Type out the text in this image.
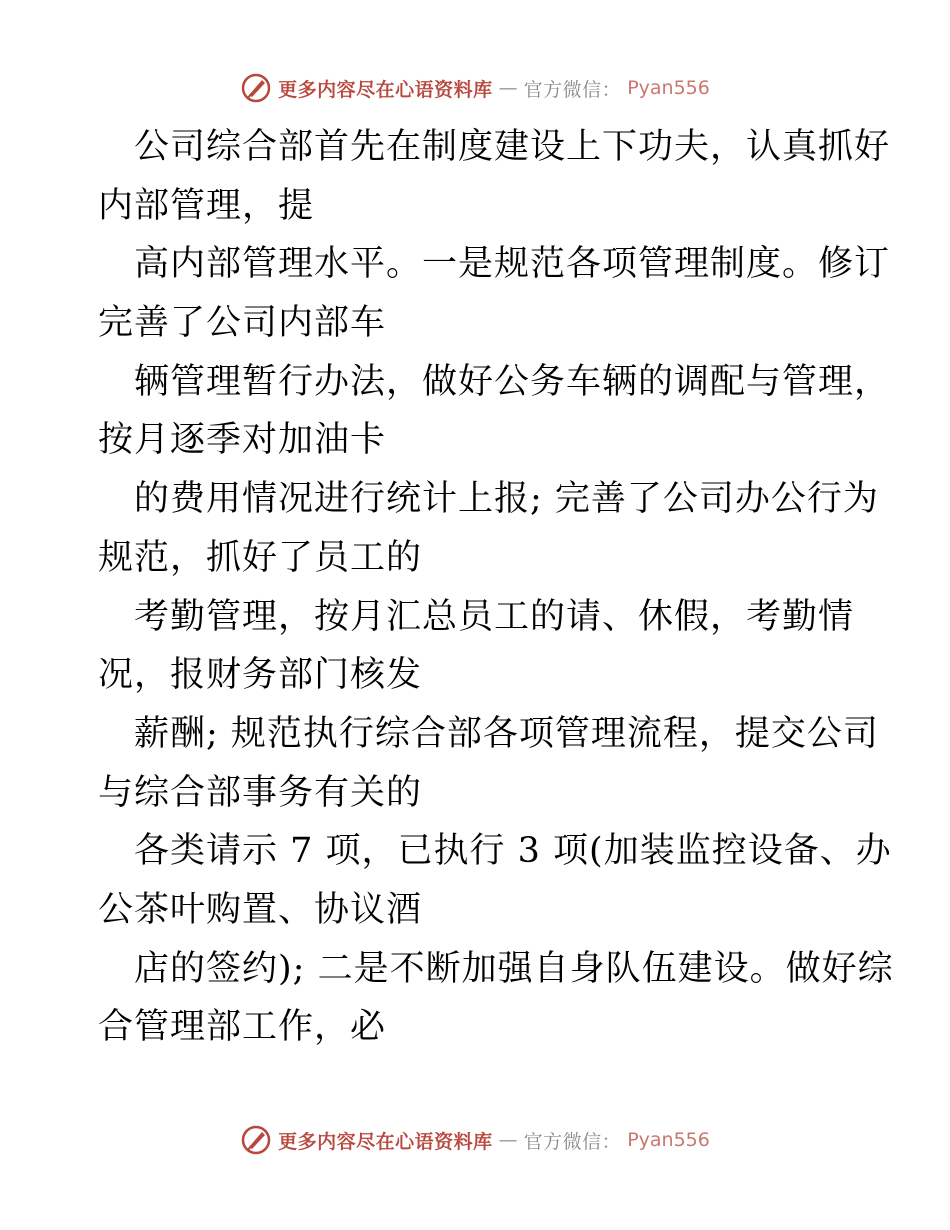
更多内容尽在心语资料库 — 官方微信： Pyan556
公司综合部首先在制度建设上下功夫，认真抓好
内部管理，提
高内部管理水平。一是规范各项管理制度。修订
完善了公司内部车
辆管理暂行办法，做好公务车辆的调配与管理，
按月逐季对加油卡
的费用情况进行统计上报; 完善了公司办公行为
规范，抓好了员工的
考勤管理，按月汇总员工的请、休假，考勤情
况，报财务部门核发
薪酬; 规范执行综合部各项管理流程，提交公司
与综合部事务有关的
各类请示 7 项，已执行 3 项(加装监控设备、办
公茶叶购置、协议酒
店的签约); 二是不断加强自身队伍建设。做好综
合管理部工作，必
更多内容尽在心语资料库 — 官方微信： Pyan556
